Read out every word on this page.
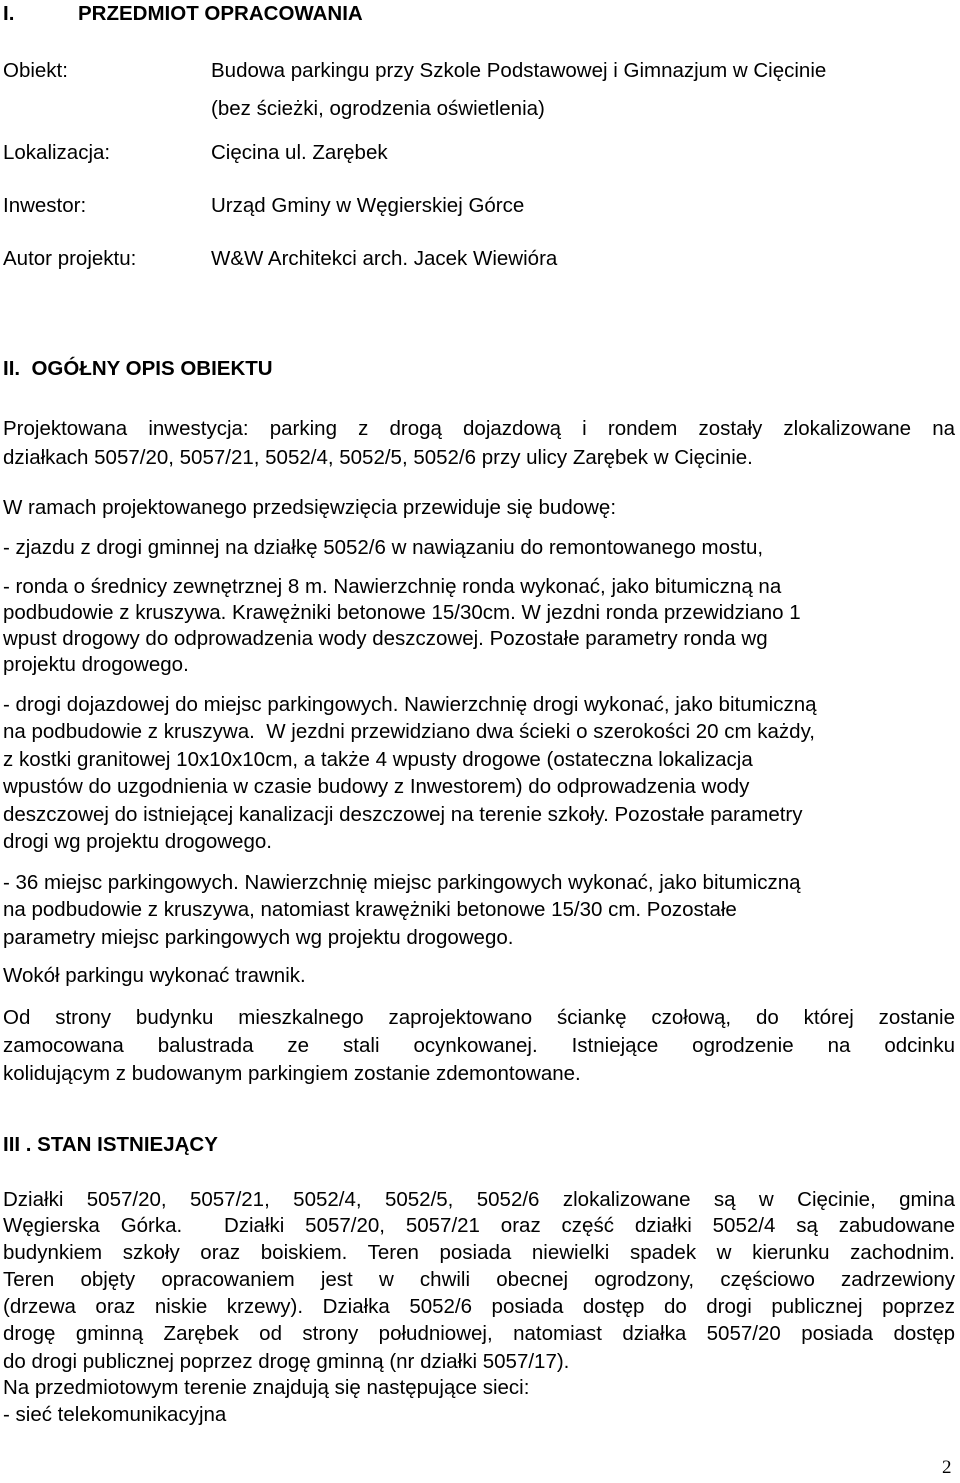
I.	PRZEDMIOT OPRACOWANIA
Obiekt:	Budowa parkingu przy Szkole Podstawowej i Gimnazjum w Cięcinie
(bez ścieżki, ogrodzenia oświetlenia)
Lokalizacja:	Cięcina ul. Zarębek
Inwestor:	Urząd Gminy w Węgierskiej Górce
Autor projektu:	W&W Architekci arch. Jacek Wiewióra
II.  OGÓŁNY OPIS OBIEKTU
Projektowana inwestycja: parking z drogą dojazdową i rondem zostały zlokalizowane na
działkach 5057/20, 5057/21, 5052/4, 5052/5, 5052/6 przy ulicy Zarębek w Cięcinie.
W ramach projektowanego przedsięwzięcia przewiduje się budowę:
- zjazdu z drogi gminnej na działkę 5052/6 w nawiązaniu do remontowanego mostu,
- ronda o średnicy zewnętrznej 8 m. Nawierzchnię ronda wykonać, jako bitumiczną na
podbudowie z kruszywa. Krawężniki betonowe 15/30cm. W jezdni ronda przewidziano 1
wpust drogowy do odprowadzenia wody deszczowej. Pozostałe parametry ronda wg
projektu drogowego.
- drogi dojazdowej do miejsc parkingowych. Nawierzchnię drogi wykonać, jako bitumiczną
na podbudowie z kruszywa.  W jezdni przewidziano dwa ścieki o szerokości 20 cm każdy,
z kostki granitowej 10x10x10cm, a także 4 wpusty drogowe (ostateczna lokalizacja
wpustów do uzgodnienia w czasie budowy z Inwestorem) do odprowadzenia wody
deszczowej do istniejącej kanalizacji deszczowej na terenie szkoły. Pozostałe parametry
drogi wg projektu drogowego.
- 36 miejsc parkingowych. Nawierzchnię miejsc parkingowych wykonać, jako bitumiczną
na podbudowie z kruszywa, natomiast krawężniki betonowe 15/30 cm. Pozostałe
parametry miejsc parkingowych wg projektu drogowego.
Wokół parkingu wykonać trawnik.
Od strony budynku mieszkalnego zaprojektowano ściankę czołową, do której zostanie
zamocowana balustrada ze stali ocynkowanej. Istniejące ogrodzenie na odcinku
kolidującym z budowanym parkingiem zostanie zdemontowane.
III . STAN ISTNIEJĄCY
Działki 5057/20, 5057/21, 5052/4, 5052/5, 5052/6 zlokalizowane są w Cięcinie, gmina
Węgierska Górka.  Działki 5057/20, 5057/21 oraz część działki 5052/4 są zabudowane
budynkiem szkoły oraz boiskiem. Teren posiada niewielki spadek w kierunku zachodnim.
Teren objęty opracowaniem jest w chwili obecnej ogrodzony, częściowo zadrzewiony
(drzewa oraz niskie krzewy). Działka 5052/6 posiada dostęp do drogi publicznej poprzez
drogę gminną Zarębek od strony południowej, natomiast działka 5057/20 posiada dostęp
do drogi publicznej poprzez drogę gminną (nr działki 5057/17).
Na przedmiotowym terenie znajdują się następujące sieci:
- sieć telekomunikacyjna
2
